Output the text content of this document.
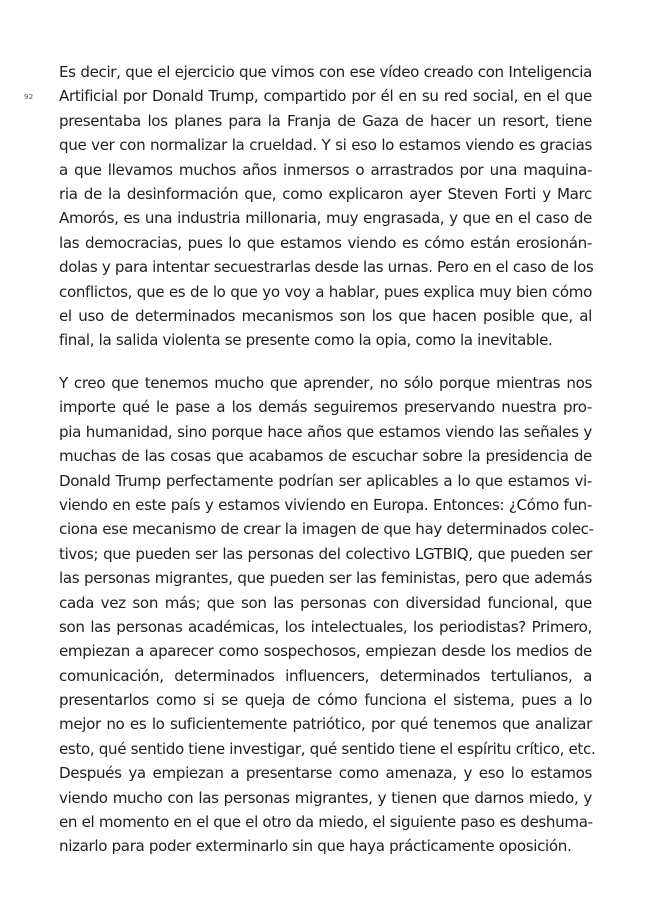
92
Es decir, que el ejercicio que vimos con ese vídeo creado con Inteligencia
Artificial por Donald Trump, compartido por él en su red social, en el que
presentaba los planes para la Franja de Gaza de hacer un resort, tiene
que ver con normalizar la crueldad. Y si eso lo estamos viendo es gracias
a que llevamos muchos años inmersos o arrastrados por una maquina-
ria de la desinformación que, como explicaron ayer Steven Forti y Marc
Amorós, es una industria millonaria, muy engrasada, y que en el caso de
las democracias, pues lo que estamos viendo es cómo están erosionán-
dolas y para intentar secuestrarlas desde las urnas. Pero en el caso de los
conflictos, que es de lo que yo voy a hablar, pues explica muy bien cómo
el uso de determinados mecanismos son los que hacen posible que, al
final, la salida violenta se presente como la opia, como la inevitable.
Y creo que tenemos mucho que aprender, no sólo porque mientras nos
importe qué le pase a los demás seguiremos preservando nuestra pro-
pia humanidad, sino porque hace años que estamos viendo las señales y
muchas de las cosas que acabamos de escuchar sobre la presidencia de
Donald Trump perfectamente podrían ser aplicables a lo que estamos vi-
viendo en este país y estamos viviendo en Europa. Entonces: ¿Cómo fun-
ciona ese mecanismo de crear la imagen de que hay determinados colec-
tivos; que pueden ser las personas del colectivo LGTBIQ, que pueden ser
las personas migrantes, que pueden ser las feministas, pero que además
cada vez son más; que son las personas con diversidad funcional, que
son las personas académicas, los intelectuales, los periodistas? Primero,
empiezan a aparecer como sospechosos, empiezan desde los medios de
comunicación, determinados influencers, determinados tertulianos, a
presentarlos como si se queja de cómo funciona el sistema, pues a lo
mejor no es lo suficientemente patriótico, por qué tenemos que analizar
esto, qué sentido tiene investigar, qué sentido tiene el espíritu crítico, etc.
Después ya empiezan a presentarse como amenaza, y eso lo estamos
viendo mucho con las personas migrantes, y tienen que darnos miedo, y
en el momento en el que el otro da miedo, el siguiente paso es deshuma-
nizarlo para poder exterminarlo sin que haya prácticamente oposición.
